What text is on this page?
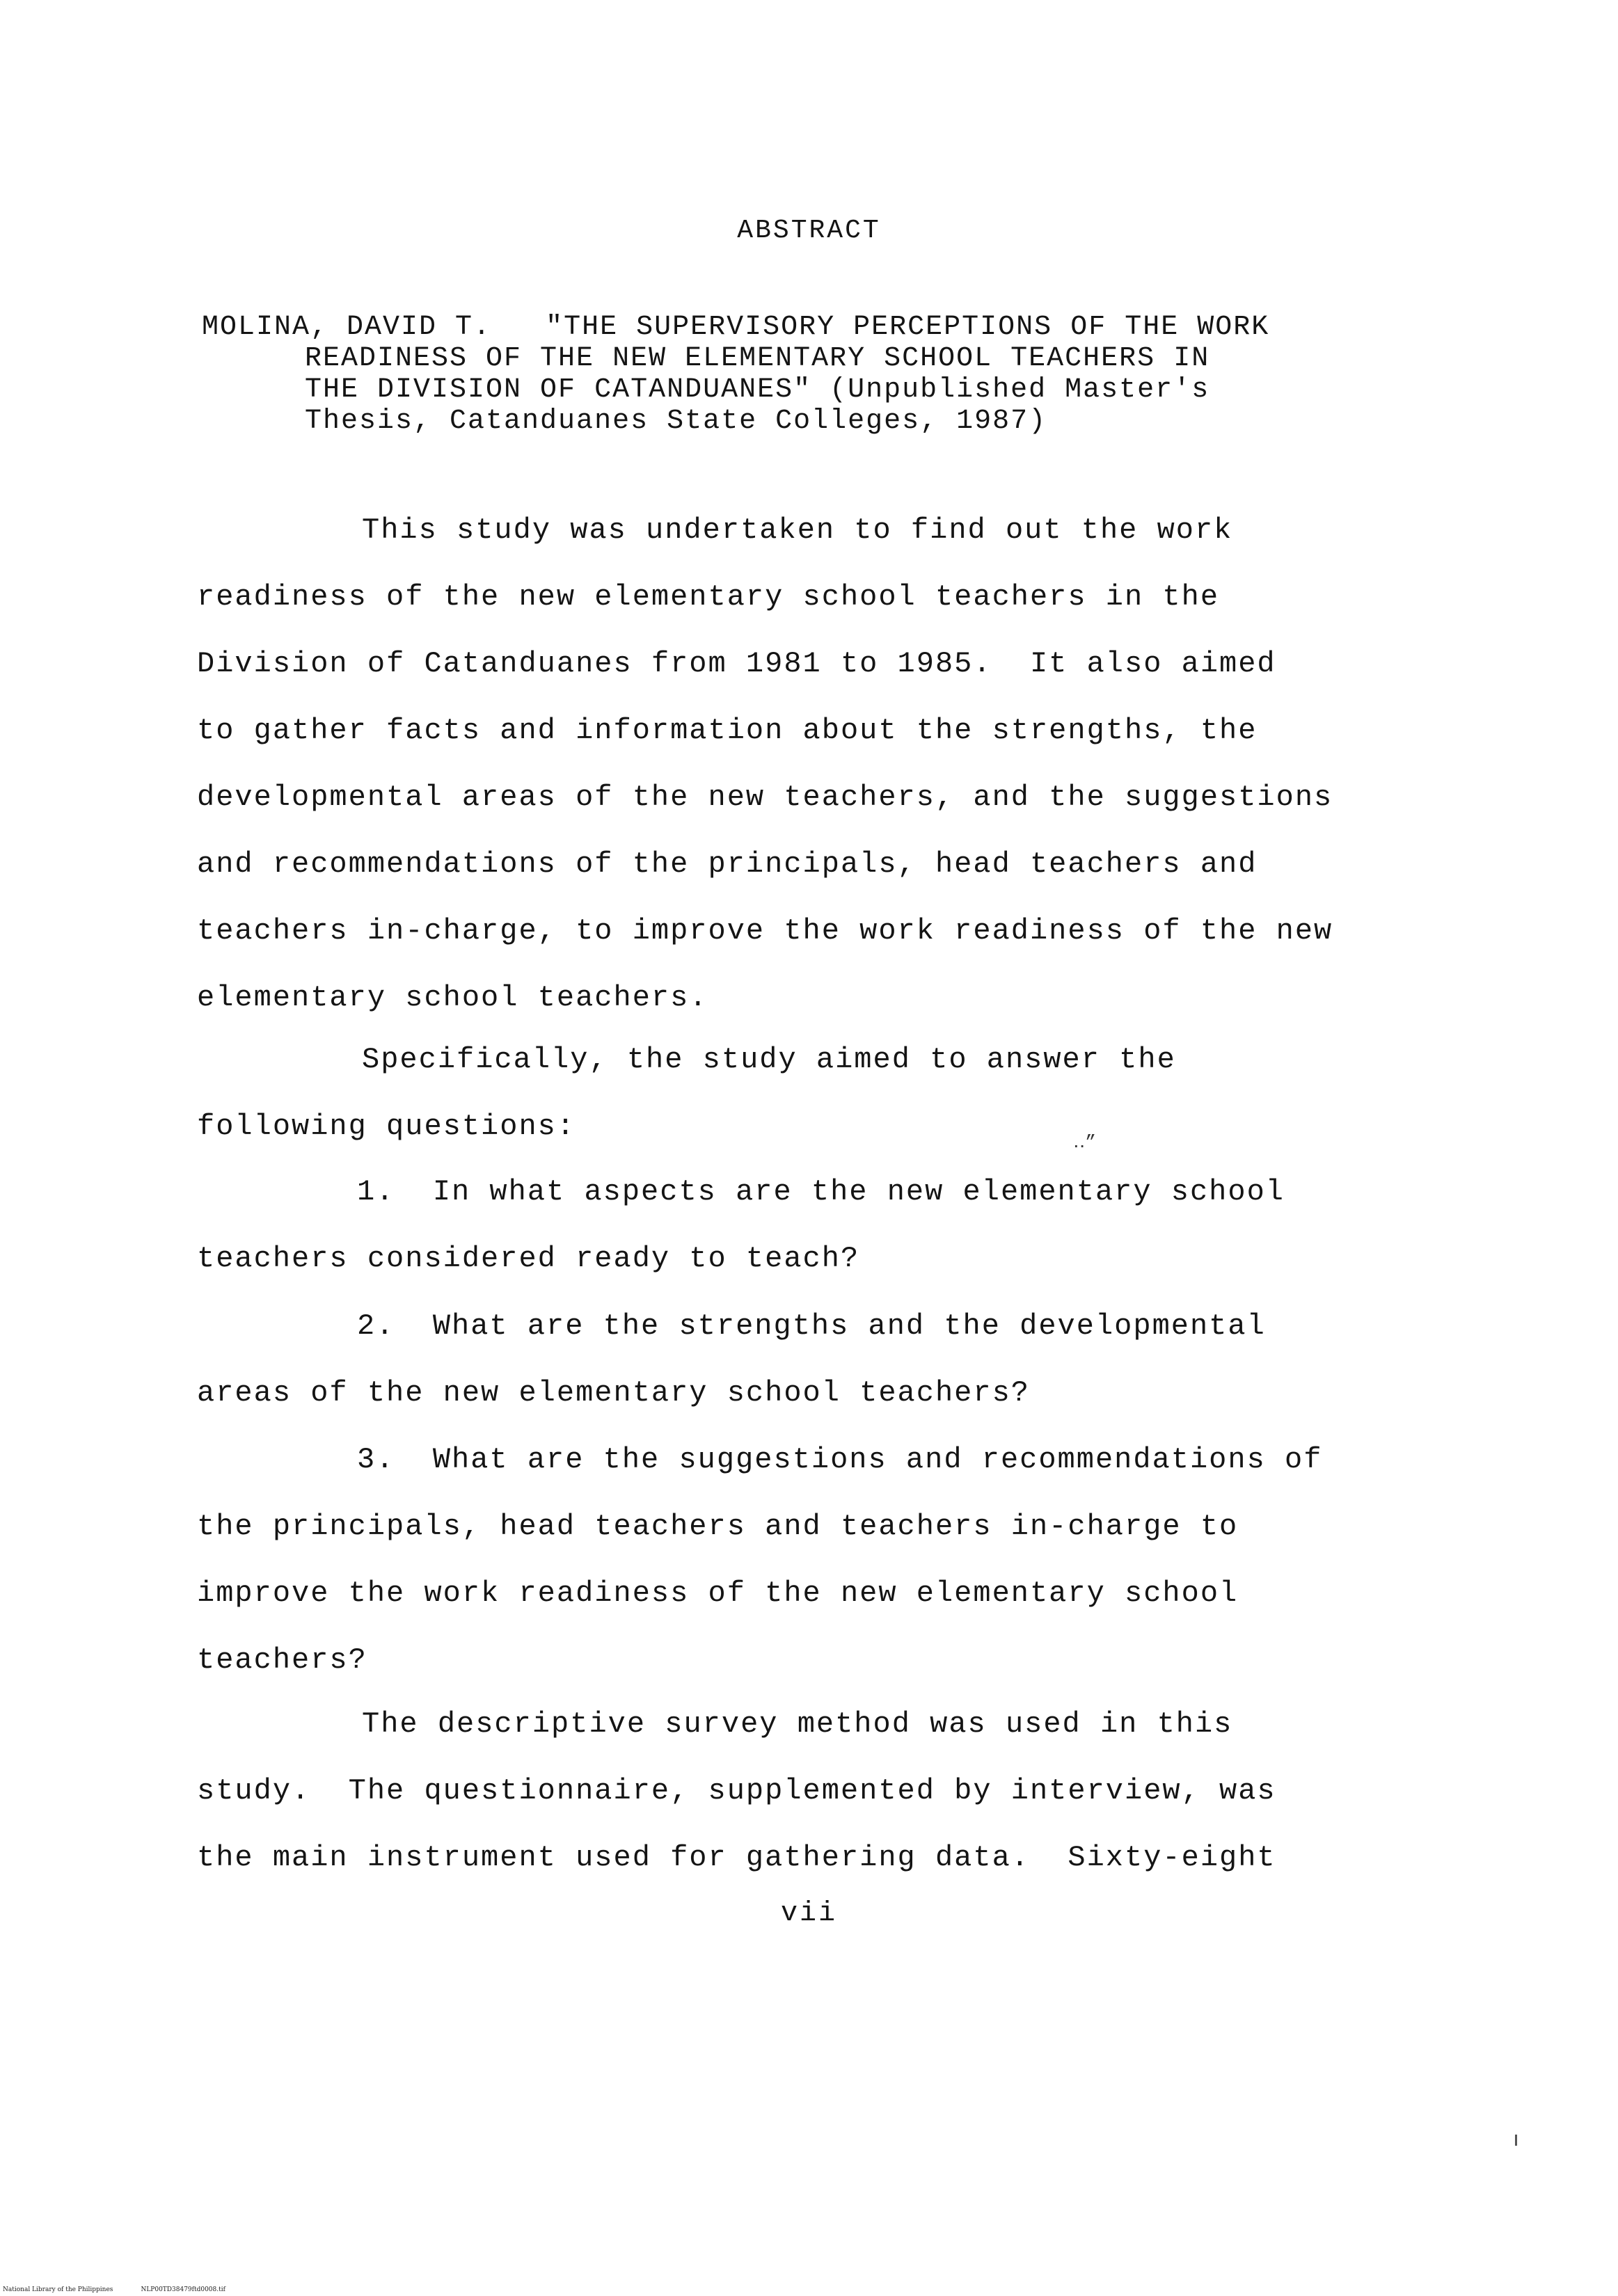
ABSTRACT
MOLINA, DAVID T.   "THE SUPERVISORY PERCEPTIONS OF THE WORK
READINESS OF THE NEW ELEMENTARY SCHOOL TEACHERS IN
THE DIVISION OF CATANDUANES" (Unpublished Master's
Thesis, Catanduanes State Colleges, 1987)
This study was undertaken to find out the work
readiness of the new elementary school teachers in the
Division of Catanduanes from 1981 to 1985.  It also aimed
to gather facts and information about the strengths, the
developmental areas of the new teachers, and the suggestions
and recommendations of the principals, head teachers and
teachers in-charge, to improve the work readiness of the new
elementary school teachers.
Specifically, the study aimed to answer the
following questions:
1.  In what aspects are the new elementary school
teachers considered ready to teach?
2.  What are the strengths and the developmental
areas of the new elementary school teachers?
3.  What are the suggestions and recommendations of
the principals, head teachers and teachers in-charge to
improve the work readiness of the new elementary school
teachers?
The descriptive survey method was used in this
study.  The questionnaire, supplemented by interview, was
the main instrument used for gathering data.  Sixty-eight
․․”
vii
National Library of the Philippines	NLP00TD38479ftd0008.tif
